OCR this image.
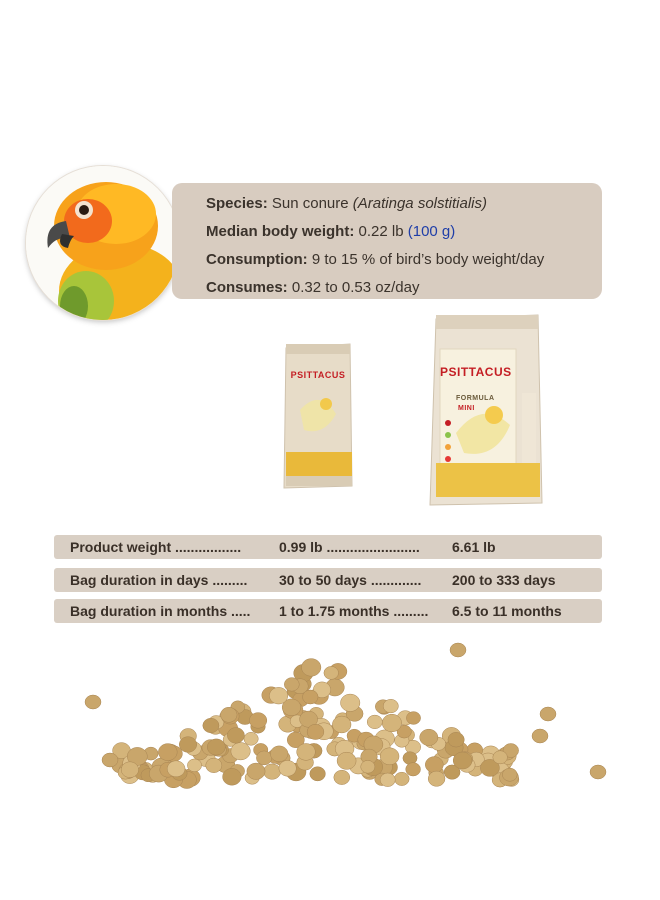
Species: Sun conure (Aratinga solstitialis)
Median body weight: 0.22 lb (100 g)
Consumption: 9 to 15 % of bird’s body weight/day
Consumes: 0.32 to 0.53 oz/day
PSITTACUS	PSITTACUS
FORMULA
MINI
Product weight .................	0.99 lb ........................ 6.61 lb
Bag duration in days ......... 30 to 50 days ............. 200 to 333 days
Bag duration in months ..... 1 to 1.75 months ......... 6.5 to 11 months
